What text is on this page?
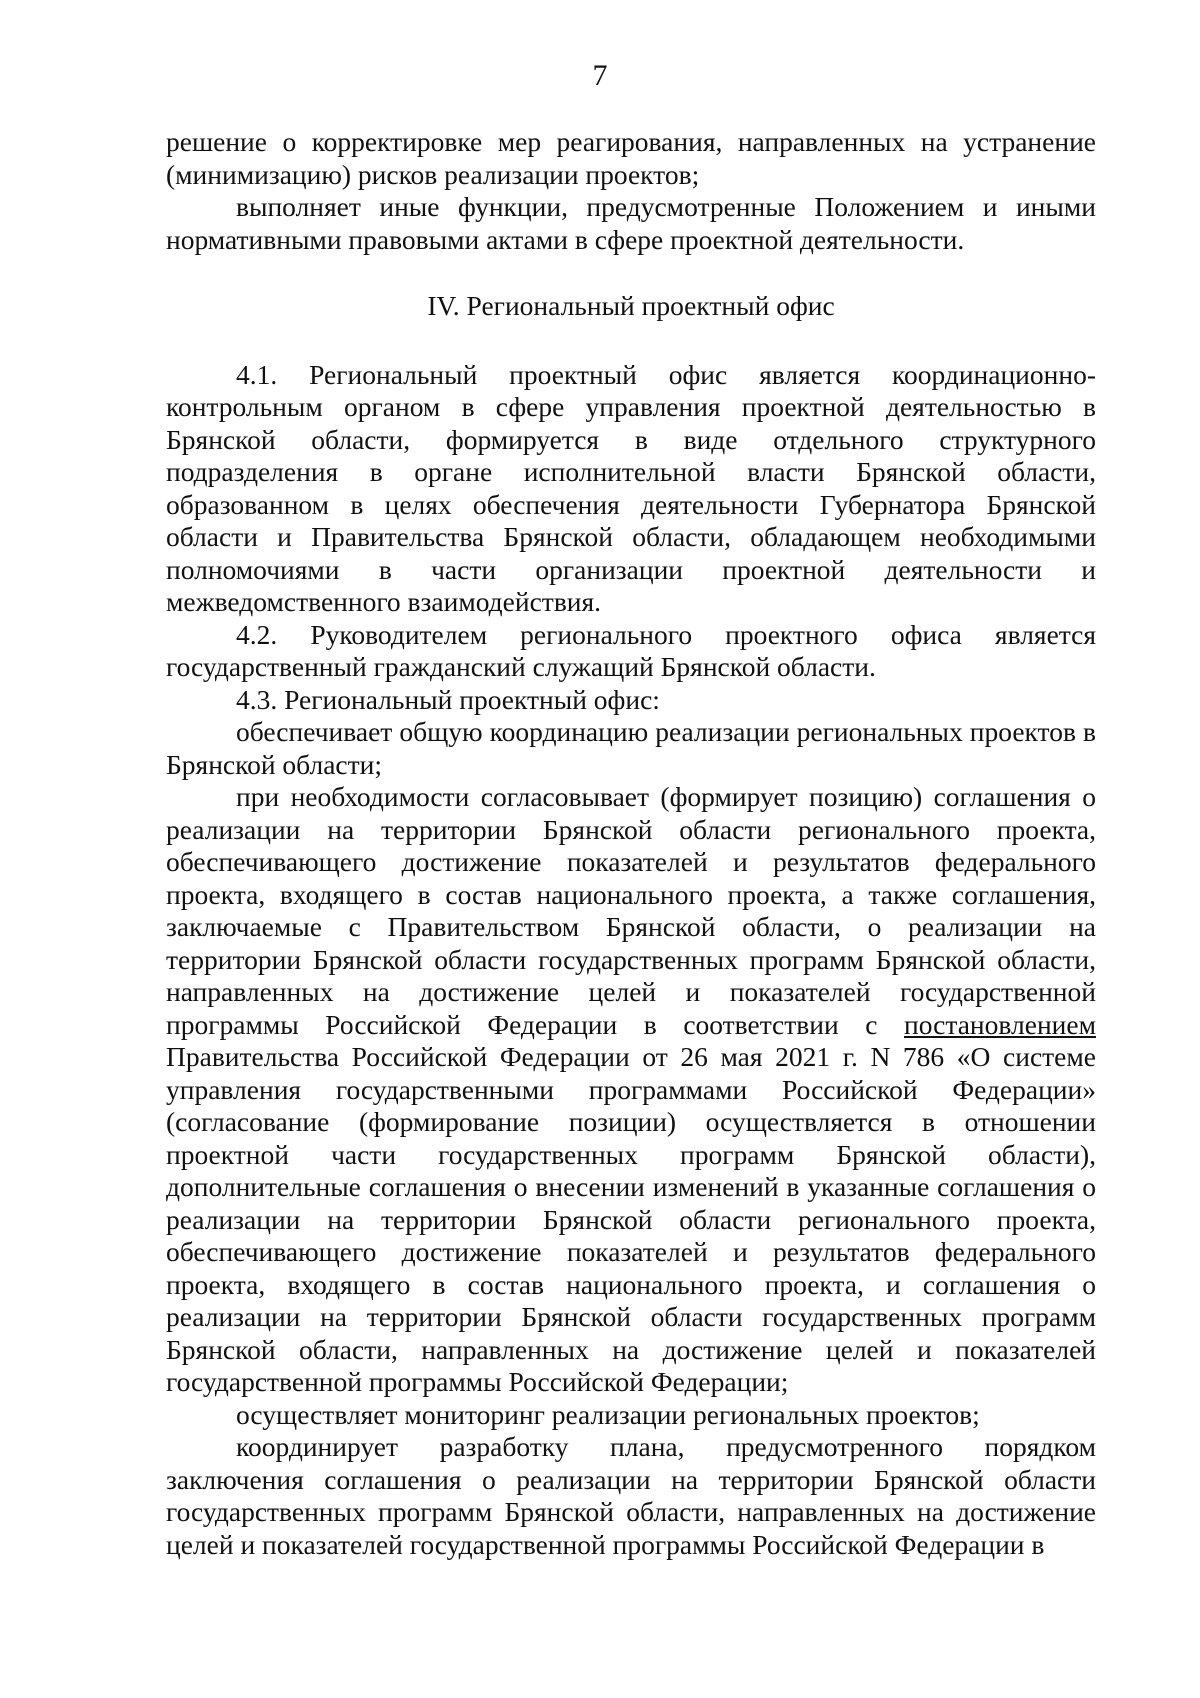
7

решение о корректировке мер реагирования, направленных на устранение (минимизацию) рисков реализации проектов;

выполняет иные функции, предусмотренные Положением и иными нормативными правовыми актами в сфере проектной деятельности.

IV. Региональный проектный офис

4.1. Региональный проектный офис является координационно-контрольным органом в сфере управления проектной деятельностью в Брянской области, формируется в виде отдельного структурного подразделения в органе исполнительной власти Брянской области, образованном в целях обеспечения деятельности Губернатора Брянской области и Правительства Брянской области, обладающем необходимыми полномочиями в части организации проектной деятельности и межведомственного взаимодействия.

4.2. Руководителем регионального проектного офиса является государственный гражданский служащий Брянской области.

4.3. Региональный проектный офис:

обеспечивает общую координацию реализации региональных проектов в Брянской области;

при необходимости согласовывает (формирует позицию) соглашения о реализации на территории Брянской области регионального проекта, обеспечивающего достижение показателей и результатов федерального проекта, входящего в состав национального проекта, а также соглашения, заключаемые с Правительством Брянской области, о реализации на территории Брянской области государственных программ Брянской области, направленных на достижение целей и показателей государственной программы Российской Федерации в соответствии с постановлением Правительства Российской Федерации от 26 мая 2021 г. N 786 «О системе управления государственными программами Российской Федерации» (согласование (формирование позиции) осуществляется в отношении проектной части государственных программ Брянской области), дополнительные соглашения о внесении изменений в указанные соглашения о реализации на территории Брянской области регионального проекта, обеспечивающего достижение показателей и результатов федерального проекта, входящего в состав национального проекта, и соглашения о реализации на территории Брянской области государственных программ Брянской области, направленных на достижение целей и показателей государственной программы Российской Федерации;

осуществляет мониторинг реализации региональных проектов;

координирует разработку плана, предусмотренного порядком заключения соглашения о реализации на территории Брянской области государственных программ Брянской области, направленных на достижение целей и показателей государственной программы Российской Федерации в
